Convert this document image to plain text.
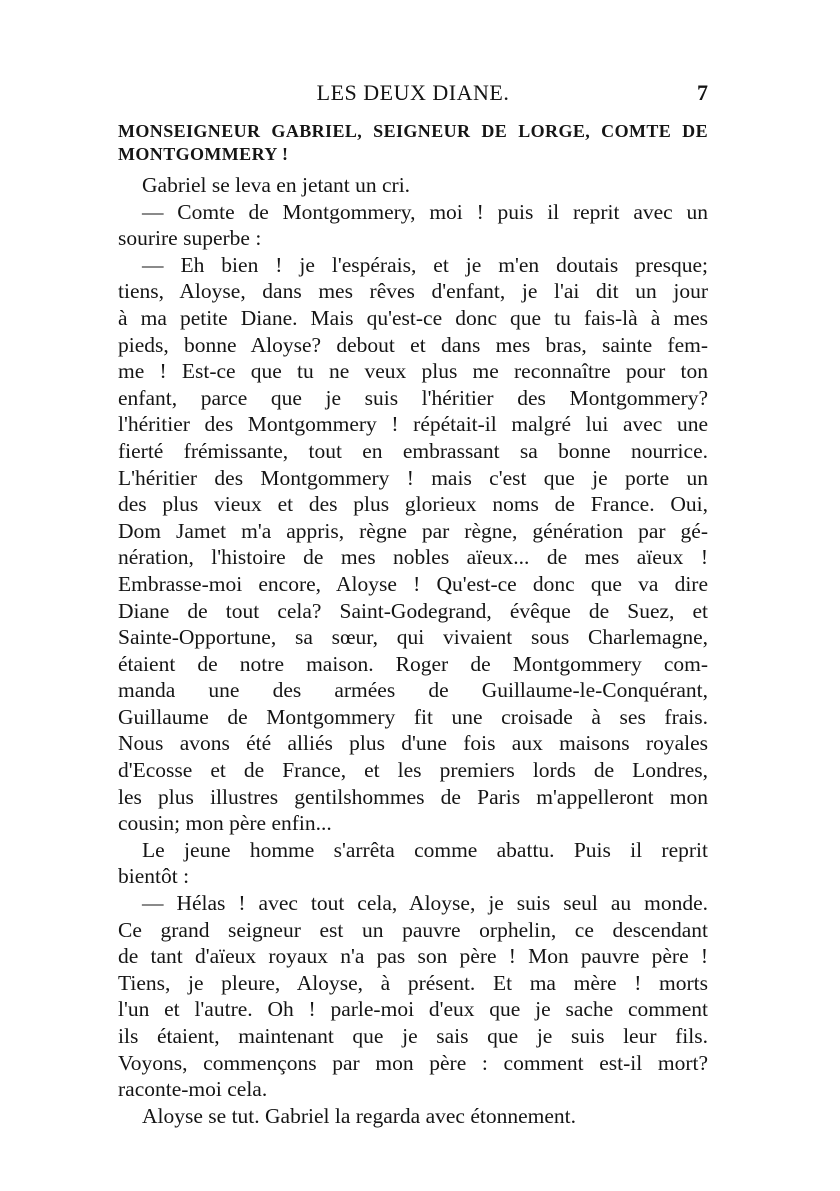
LES DEUX DIANE.	7
MONSEIGNEUR GABRIEL, SEIGNEUR DE LORGE, COMTE DE
MONTGOMMERY !
Gabriel se leva en jetant un cri.
— Comte de Montgommery, moi ! puis il reprit avec un
sourire superbe :
— Eh bien ! je l'espérais, et je m'en doutais presque;
tiens, Aloyse, dans mes rêves d'enfant, je l'ai dit un jour
à ma petite Diane. Mais qu'est-ce donc que tu fais-là à mes
pieds, bonne Aloyse? debout et dans mes bras, sainte fem-
me ! Est-ce que tu ne veux plus me reconnaître pour ton
enfant, parce que je suis l'héritier des Montgommery?
l'héritier des Montgommery ! répétait-il malgré lui avec une
fierté frémissante, tout en embrassant sa bonne nourrice.
L'héritier des Montgommery ! mais c'est que je porte un
des plus vieux et des plus glorieux noms de France. Oui,
Dom Jamet m'a appris, règne par règne, génération par gé-
nération, l'histoire de mes nobles aïeux... de mes aïeux !
Embrasse-moi encore, Aloyse ! Qu'est-ce donc que va dire
Diane de tout cela? Saint-Godegrand, évêque de Suez, et
Sainte-Opportune, sa sœur, qui vivaient sous Charlemagne,
étaient de notre maison. Roger de Montgommery com-
manda une des armées de Guillaume-le-Conquérant,
Guillaume de Montgommery fit une croisade à ses frais.
Nous avons été alliés plus d'une fois aux maisons royales
d'Ecosse et de France, et les premiers lords de Londres,
les plus illustres gentilshommes de Paris m'appelleront mon
cousin; mon père enfin...
Le jeune homme s'arrêta comme abattu. Puis il reprit
bientôt :
— Hélas ! avec tout cela, Aloyse, je suis seul au monde.
Ce grand seigneur est un pauvre orphelin, ce descendant
de tant d'aïeux royaux n'a pas son père ! Mon pauvre père !
Tiens, je pleure, Aloyse, à présent. Et ma mère ! morts
l'un et l'autre. Oh ! parle-moi d'eux que je sache comment
ils étaient, maintenant que je sais que je suis leur fils.
Voyons, commençons par mon père : comment est-il mort?
raconte-moi cela.
Aloyse se tut. Gabriel la regarda avec étonnement.
